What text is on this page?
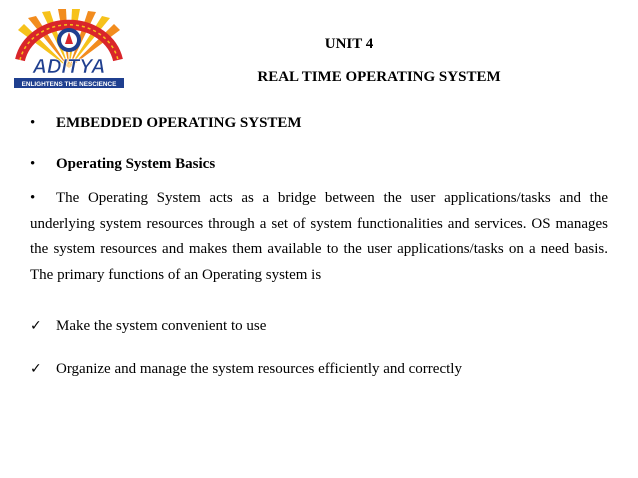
ADITYA
ENLIGHTENS THE NESCIENCE
UNIT 4
REAL TIME OPERATING SYSTEM
• EMBEDDED OPERATING SYSTEM
• Operating System Basics
• The Operating System acts as a bridge between the user applications/tasks and the underlying system resources through a set of system functionalities and services. OS manages the system resources and makes them available to the user applications/tasks on a need basis. The primary functions of an Operating system is
✓ Make the system convenient to use
✓ Organize and manage the system resources efficiently and correctly
